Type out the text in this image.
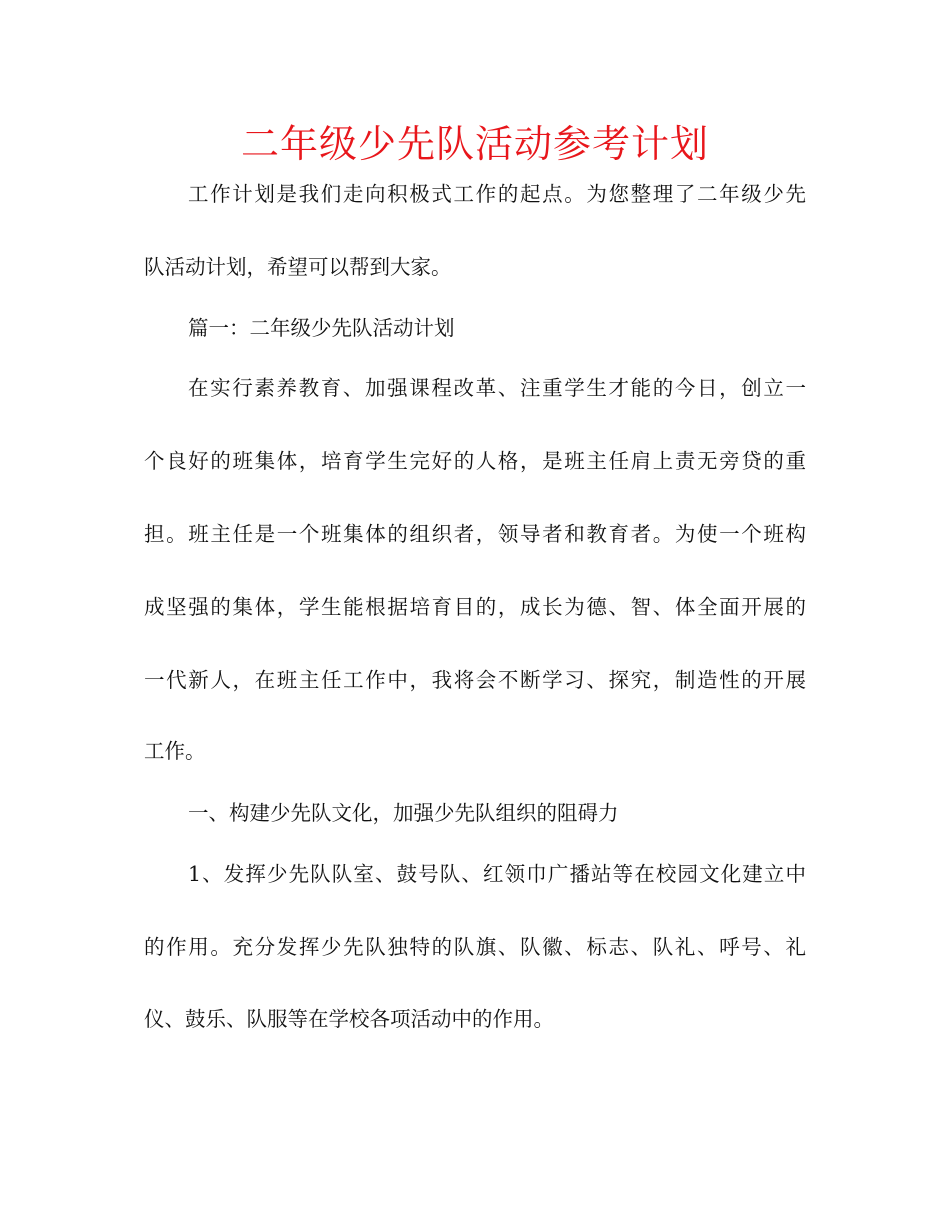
二年级少先队活动参考计划
工作计划是我们走向积极式工作的起点。为您整理了二年级少先
队活动计划，希望可以帮到大家。
篇一：二年级少先队活动计划
在实行素养教育、加强课程改革、注重学生才能的今日，创立一
个良好的班集体，培育学生完好的人格，是班主任肩上责无旁贷的重
担。班主任是一个班集体的组织者，领导者和教育者。为使一个班构
成坚强的集体，学生能根据培育目的，成长为德、智、体全面开展的
一代新人，在班主任工作中，我将会不断学习、探究，制造性的开展
工作。
一、构建少先队文化，加强少先队组织的阻碍力
1、发挥少先队队室、鼓号队、红领巾广播站等在校园文化建立中
的作用。充分发挥少先队独特的队旗、队徽、标志、队礼、呼号、礼
仪、鼓乐、队服等在学校各项活动中的作用。
